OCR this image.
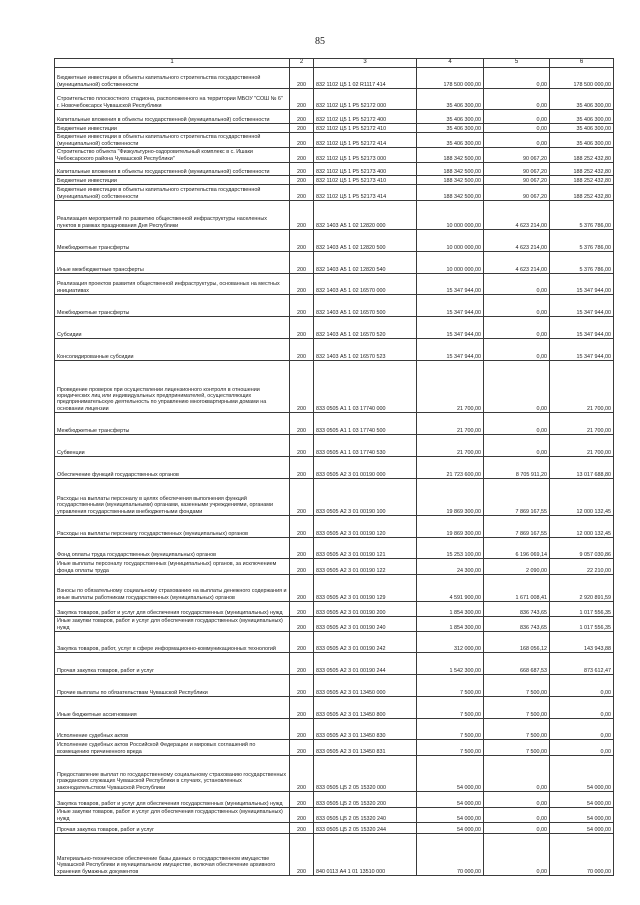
85
1	2	3	4	5	6
Бюджетные инвестиции в объекты капитального строительства государственной (муниципальной) собственности	200	832 1102 Ц5 1 02 R1117 414	178 500 000,00	0,00	178 500 000,00
Строительство плоскостного стадиона, расположенного на территории МБОУ "СОШ № 6" г. Новочебоксарск Чувашской Республики	200	832 1102 Ц5 1 P5 52172 000	35 406 300,00	0,00	35 406 300,00
Капитальные вложения в объекты государственной (муниципальной) собственности	200	832 1102 Ц5 1 P5 52172 400	35 406 300,00	0,00	35 406 300,00
Бюджетные инвестиции	200	832 1102 Ц5 1 P5 52172 410	35 406 300,00	0,00	35 406 300,00
Бюджетные инвестиции в объекты капитального строительства государственной (муниципальной) собственности	200	832 1102 Ц5 1 P5 52172 414	35 406 300,00	0,00	35 406 300,00
Строительство объекта "Физкультурно-оздоровительный комплекс в с. Ишаки Чебоксарского района Чувашской Республики"	200	832 1102 Ц5 1 P5 52173 000	188 342 500,00	90 067,20	188 252 432,80
Капитальные вложения в объекты государственной (муниципальной) собственности	200	832 1102 Ц5 1 P5 52173 400	188 342 500,00	90 067,20	188 252 432,80
Бюджетные инвестиции	200	832 1102 Ц5 1 P5 52173 410	188 342 500,00	90 067,20	188 252 432,80
Бюджетные инвестиции в объекты капитального строительства государственной (муниципальной) собственности	200	832 1102 Ц5 1 P5 52173 414	188 342 500,00	90 067,20	188 252 432,80
Реализация мероприятий по развитию общественной инфраструктуры населенных пунктов в рамках празднования Дня Республики	200	832 1403 А5 1 02 12820 000	10 000 000,00	4 623 214,00	5 376 786,00
Межбюджетные трансферты	200	832 1403 А5 1 02 12820 500	10 000 000,00	4 623 214,00	5 376 786,00
Иные межбюджетные трансферты	200	832 1403 А5 1 02 12820 540	10 000 000,00	4 623 214,00	5 376 786,00
Реализация проектов развития общественной инфраструктуры, основанных на местных инициативах	200	832 1403 А5 1 02 16570 000	15 347 944,00	0,00	15 347 944,00
Межбюджетные трансферты	200	832 1403 А5 1 02 16570 500	15 347 944,00	0,00	15 347 944,00
Субсидии	200	832 1403 А5 1 02 16570 520	15 347 944,00	0,00	15 347 944,00
Консолидированные субсидии	200	832 1403 А5 1 02 16570 523	15 347 944,00	0,00	15 347 944,00
Проведение проверок при осуществлении лицензионного контроля в отношении юридических лиц или индивидуальных предпринимателей, осуществляющих предпринимательскую деятельность по управлению многоквартирными домами на основании лицензии	200	833 0505 А1 1 03 17740 000	21 700,00	0,00	21 700,00
Межбюджетные трансферты	200	833 0505 А1 1 03 17740 500	21 700,00	0,00	21 700,00
Субвенции	200	833 0505 А1 1 03 17740 530	21 700,00	0,00	21 700,00
Обеспечение функций государственных органов	200	833 0505 А2 3 01 00190 000	21 723 600,00	8 705 911,20	13 017 688,80
Расходы на выплаты персоналу в целях обеспечения выполнения функций государственными (муниципальными) органами, казенными учреждениями, органами управления государственными внебюджетными фондами	200	833 0505 А2 3 01 00190 100	19 869 300,00	7 869 167,55	12 000 132,45
Расходы на выплаты персоналу государственных (муниципальных) органов	200	833 0505 А2 3 01 00190 120	19 869 300,00	7 869 167,55	12 000 132,45
Фонд оплаты труда государственных (муниципальных) органов	200	833 0505 А2 3 01 00190 121	15 253 100,00	6 196 069,14	9 057 030,86
Иные выплаты персоналу государственных (муниципальных) органов, за исключением фонда оплаты труда	200	833 0505 А2 3 01 00190 122	24 300,00	2 090,00	22 210,00
Взносы по обязательному социальному страхованию на выплаты денежного содержания и иные выплаты работникам государственных (муниципальных) органов	200	833 0505 А2 3 01 00190 129	4 591 900,00	1 671 008,41	2 920 891,59
Закупка товаров, работ и услуг для обеспечения государственных (муниципальных) нужд	200	833 0505 А2 3 01 00190 200	1 854 300,00	836 743,65	1 017 556,35
Иные закупки товаров, работ и услуг для обеспечения государственных (муниципальных) нужд	200	833 0505 А2 3 01 00190 240	1 854 300,00	836 743,65	1 017 556,35
Закупка товаров, работ, услуг в сфере информационно-коммуникационных технологий	200	833 0505 А2 3 01 00190 242	312 000,00	168 056,12	143 943,88
Прочая закупка товаров, работ и услуг	200	833 0505 А2 3 01 00190 244	1 542 300,00	668 687,53	873 612,47
Прочие выплаты по обязательствам Чувашской Республики	200	833 0505 А2 3 01 13450 000	7 500,00	7 500,00	0,00
Иные бюджетные ассигнования	200	833 0505 А2 3 01 13450 800	7 500,00	7 500,00	0,00
Исполнение судебных актов	200	833 0505 А2 3 01 13450 830	7 500,00	7 500,00	0,00
Исполнение судебных актов Российской Федерации и мировых соглашений по возмещению причиненного вреда	200	833 0505 А2 3 01 13450 831	7 500,00	7 500,00	0,00
Предоставление выплат по государственному социальному страхованию государственных гражданских служащих Чувашской Республики в случаях, установленных законодательством Чувашской Республики	200	833 0505 Ц5 2 05 15320 000	54 000,00	0,00	54 000,00
Закупка товаров, работ и услуг для обеспечения государственных (муниципальных) нужд	200	833 0505 Ц5 2 05 15320 200	54 000,00	0,00	54 000,00
Иные закупки товаров, работ и услуг для обеспечения государственных (муниципальных) нужд	200	833 0505 Ц5 2 05 15320 240	54 000,00	0,00	54 000,00
Прочая закупка товаров, работ и услуг	200	833 0505 Ц5 2 05 15320 244	54 000,00	0,00	54 000,00
Материально-техническое обеспечение базы данных о государственном имуществе Чувашской Республики и муниципальном имуществе, включая обеспечение архивного хранения бумажных документов	200	840 0113 А4 1 01 13510 000	70 000,00	0,00	70 000,00
